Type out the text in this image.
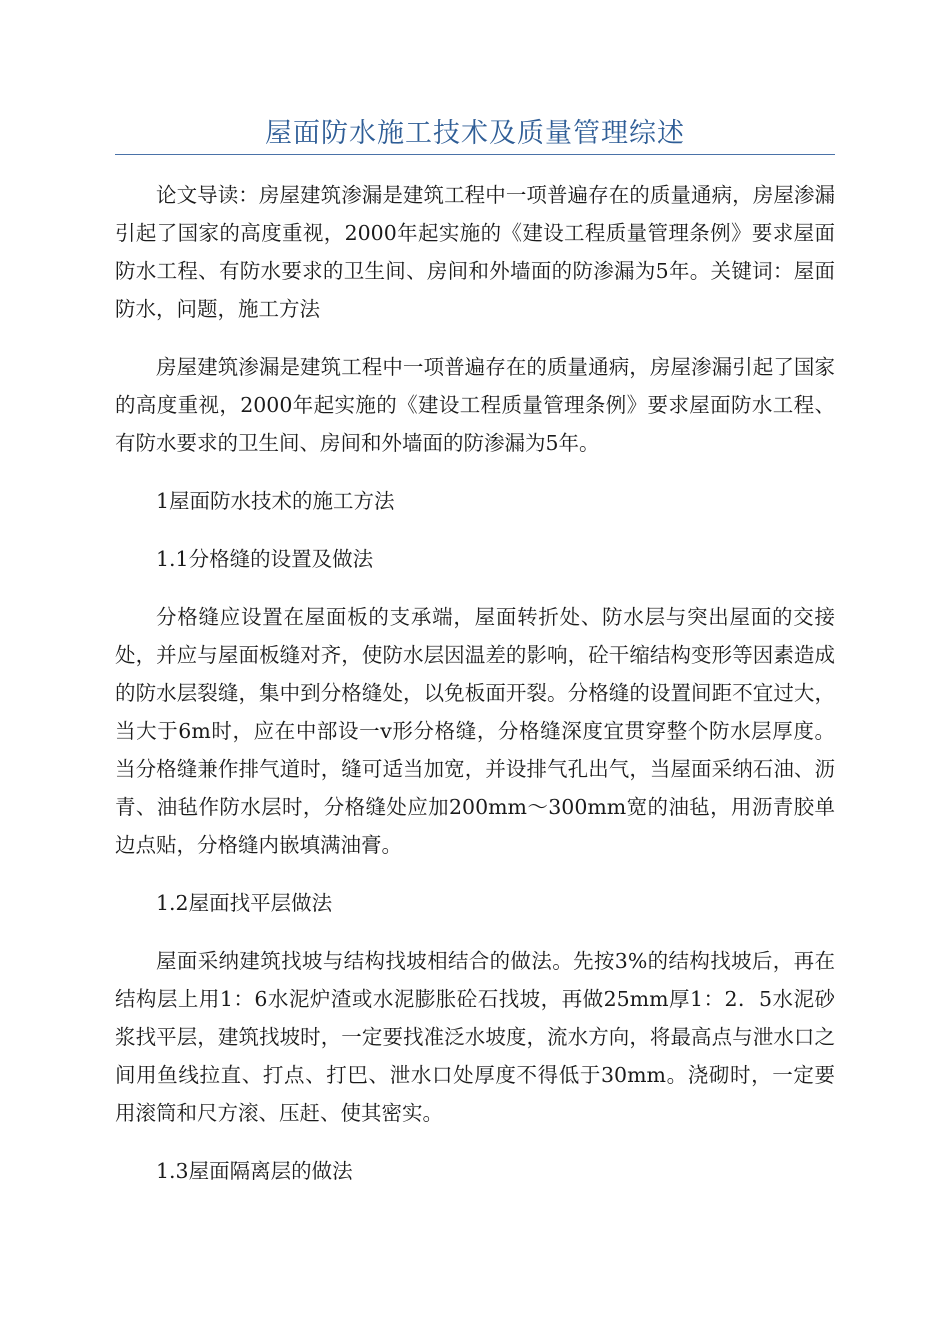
屋面防水施工技术及质量管理综述

论文导读：房屋建筑渗漏是建筑工程中一项普遍存在的质量通病，房屋渗漏引起了国家的高度重视，2000年起实施的《建设工程质量管理条例》要求屋面防水工程、有防水要求的卫生间、房间和外墙面的防渗漏为5年。关键词：屋面防水，问题，施工方法

房屋建筑渗漏是建筑工程中一项普遍存在的质量通病，房屋渗漏引起了国家的高度重视，2000年起实施的《建设工程质量管理条例》要求屋面防水工程、有防水要求的卫生间、房间和外墙面的防渗漏为5年。

1屋面防水技术的施工方法

1.1分格缝的设置及做法

分格缝应设置在屋面板的支承端，屋面转折处、防水层与突出屋面的交接处，并应与屋面板缝对齐，使防水层因温差的影响，砼干缩结构变形等因素造成的防水层裂缝，集中到分格缝处，以免板面开裂。分格缝的设置间距不宜过大，当大于6m时，应在中部设一v形分格缝，分格缝深度宜贯穿整个防水层厚度。当分格缝兼作排气道时，缝可适当加宽，并设排气孔出气，当屋面采纳石油、沥青、油毡作防水层时，分格缝处应加200mm～300mm宽的油毡，用沥青胶单边点贴，分格缝内嵌填满油膏。

1.2屋面找平层做法

屋面采纳建筑找坡与结构找坡相结合的做法。先按3%的结构找坡后，再在结构层上用1：6水泥炉渣或水泥膨胀砼石找坡，再做25mm厚1：2．5水泥砂浆找平层，建筑找坡时，一定要找准泛水坡度，流水方向，将最高点与泄水口之间用鱼线拉直、打点、打巴、泄水口处厚度不得低于30mm。浇砌时，一定要用滚筒和尺方滚、压赶、使其密实。

1.3屋面隔离层的做法
